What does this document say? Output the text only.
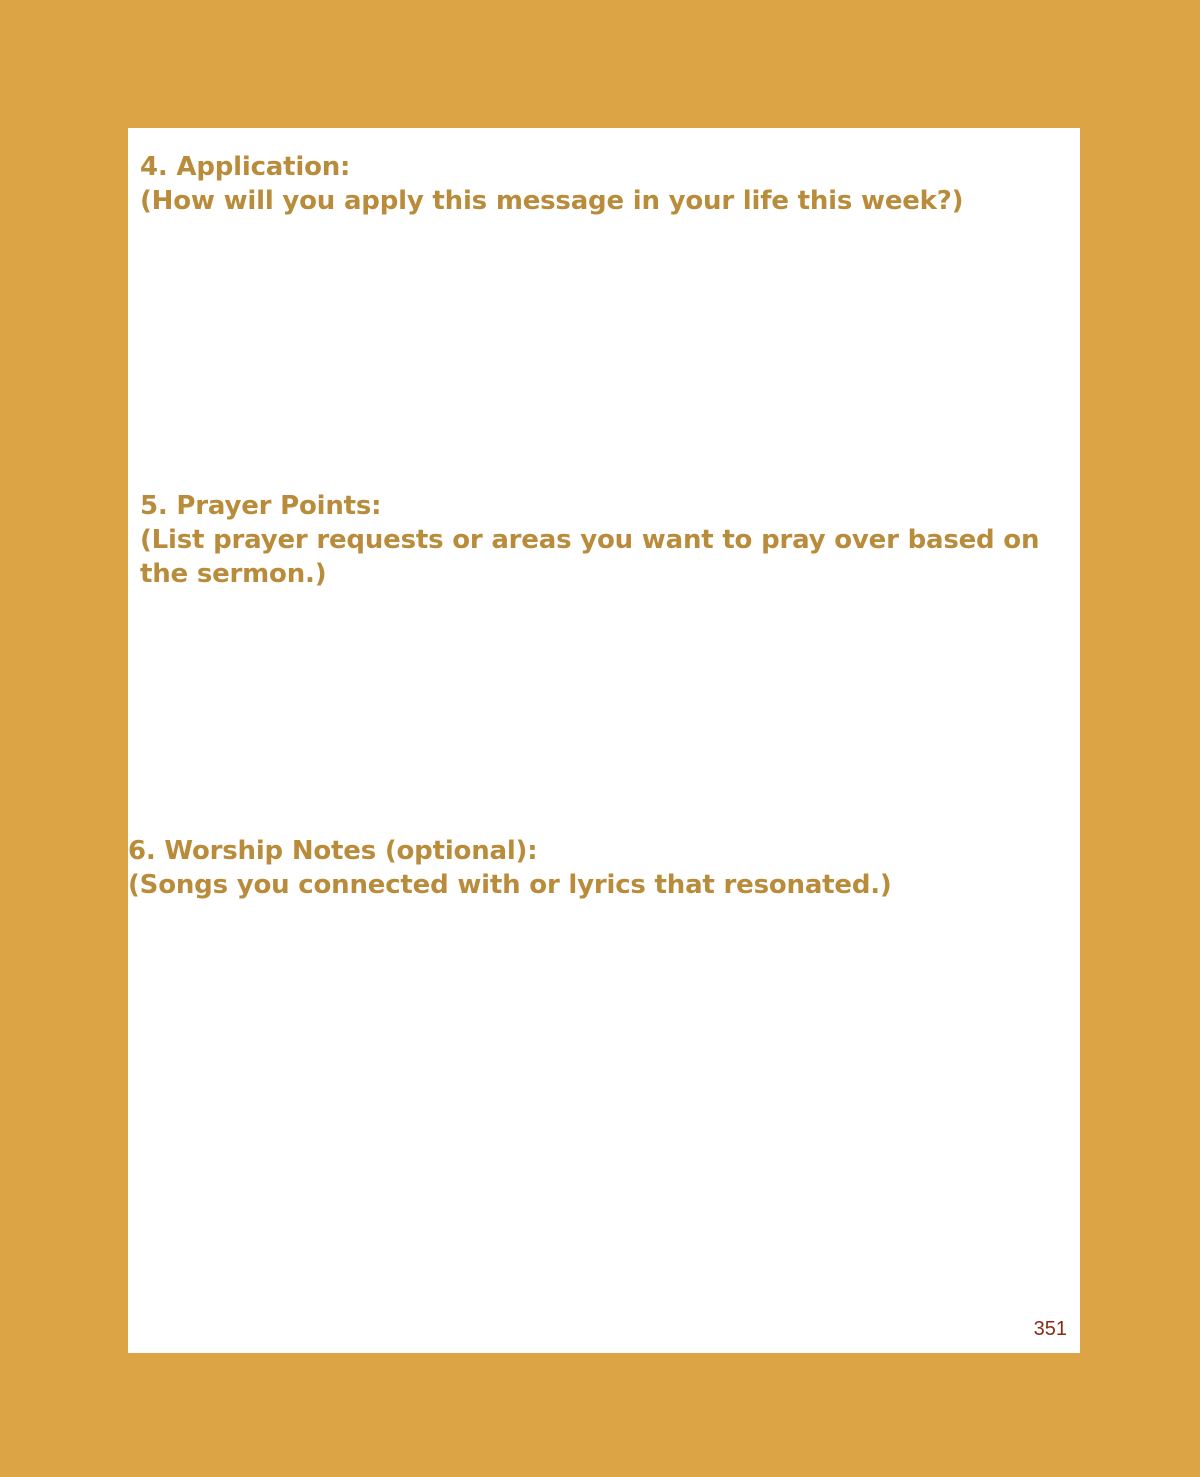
4. Application:
(How will you apply this message in your life this week?)
5. Prayer Points:
(List prayer requests or areas you want to pray over based on the sermon.)
6. Worship Notes (optional):
(Songs you connected with or lyrics that resonated.)
351
